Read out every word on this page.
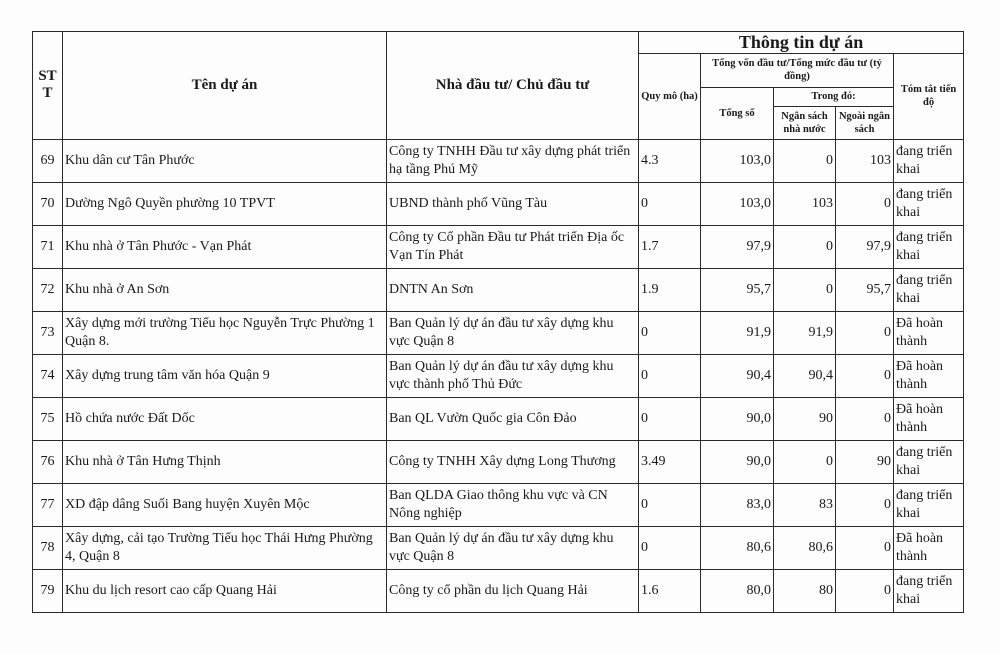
ST T	Tên dự án	Nhà đầu tư/ Chủ đầu tư	Thông tin dự án				
			Quy mô (ha)	Tổng vốn đầu tư/Tổng mức đầu tư (tỷ đồng)			Tóm tắt tiến độ
				Tổng số	Trong đó:		
					Ngân sách nhà nước	Ngoài ngân sách	
69	Khu dân cư Tân Phước	Công ty TNHH Đầu tư xây dựng phát triển hạ tầng Phú Mỹ	4.3	103,0	0	103	đang triển khai
70	Dường Ngô Quyền phường 10 TPVT	UBND thành phố Vũng Tàu	0	103,0	103	0	đang triển khai
71	Khu nhà ở Tân Phước - Vạn Phát	Công ty Cổ phần Đầu tư Phát triển Địa ốc Vạn Tín Phát	1.7	97,9	0	97,9	đang triển khai
72	Khu nhà ở An Sơn	DNTN An Sơn	1.9	95,7	0	95,7	đang triển khai
73	Xây dựng mới trường Tiểu học Nguyễn Trực Phường 1 Quận 8.	Ban Quản lý dự án đầu tư xây dựng khu vực Quận 8	0	91,9	91,9	0	Đã hoàn thành
74	Xây dựng trung tâm văn hóa Quận 9	Ban Quản lý dự án đầu tư xây dựng khu vực thành phố Thủ Đức	0	90,4	90,4	0	Đã hoàn thành
75	Hồ chứa nước Đất Dốc	Ban QL Vườn Quốc gia Côn Đảo	0	90,0	90	0	Đã hoàn thành
76	Khu nhà ở Tân Hưng Thịnh	Công ty TNHH Xây dựng Long Thương	3.49	90,0	0	90	đang triển khai
77	XD đập dâng Suối Bang huyện Xuyên Mộc	Ban QLDA Giao thông khu vực và CN Nông nghiệp	0	83,0	83	0	đang triển khai
78	Xây dựng, cải tạo Trường Tiểu học Thái Hưng Phường 4, Quận 8	Ban Quản lý dự án đầu tư xây dựng khu vực Quận 8	0	80,6	80,6	0	Đã hoàn thành
79	Khu du lịch resort cao cấp Quang Hải	Công ty cổ phần du lịch Quang Hải	1.6	80,0	80	0	đang triển khai
